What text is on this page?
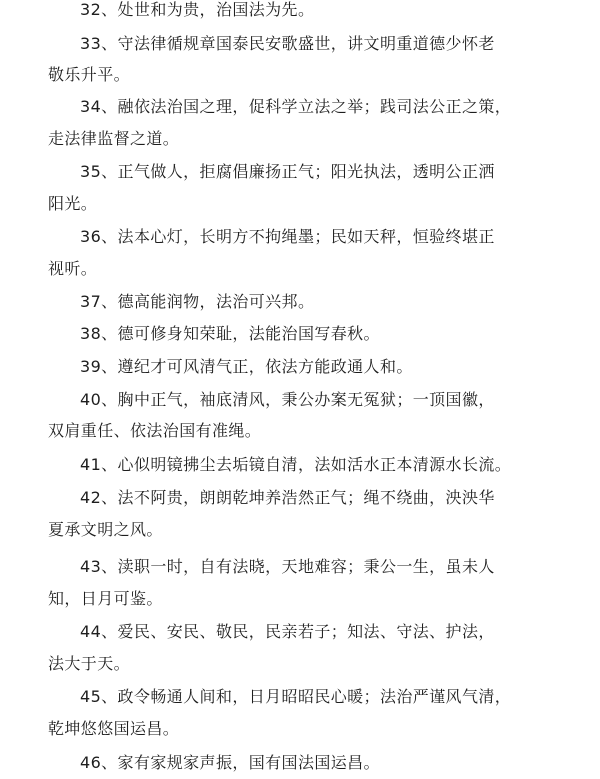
32、处世和为贵，治国法为先。
33、守法律循规章国泰民安歌盛世，讲文明重道德少怀老
敬乐升平。
34、融依法治国之理，促科学立法之举；践司法公正之策，
走法律监督之道。
35、正气做人，拒腐倡廉扬正气；阳光执法，透明公正洒
阳光。
36、法本心灯，长明方不拘绳墨；民如天秤，恒验终堪正
视听。
37、德高能润物，法治可兴邦。
38、德可修身知荣耻，法能治国写春秋。
39、遵纪才可风清气正，依法方能政通人和。
40、胸中正气，袖底清风，秉公办案无冤狱；一顶国徽，
双肩重任、依法治国有准绳。
41、心似明镜拂尘去垢镜自清，法如活水正本清源水长流。
42、法不阿贵，朗朗乾坤养浩然正气；绳不绕曲，泱泱华
夏承文明之风。
43、渎职一时，自有法晓，天地难容；秉公一生，虽未人
知，日月可鉴。
44、爱民、安民、敬民，民亲若子；知法、守法、护法，
法大于天。
45、政令畅通人间和，日月昭昭民心暖；法治严谨风气清，
乾坤悠悠国运昌。
46、家有家规家声振，国有国法国运昌。
